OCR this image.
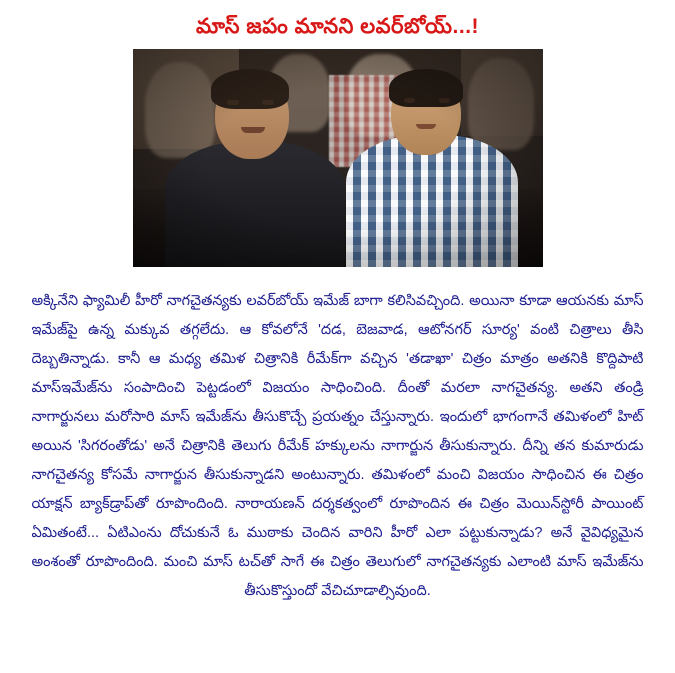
మాస్ జపం మానని లవర్‌బోయ్...!

అక్కినేని ఫ్యామిలీ హీరో నాగచైతన్యకు లవర్‌బోయ్ ఇమేజ్ బాగా కలిసివచ్చింది. అయినా కూడా ఆయనకు మాస్ ఇమేజ్‌పై ఉన్న మక్కువ తగ్గలేదు. ఆ కోవలోనే 'దడ, బెజవాడ, ఆటోనగర్ సూర్య' వంటి చిత్రాలు తీసి దెబ్బతిన్నాడు. కానీ ఆ మధ్య తమిళ చిత్రానికి రీమేక్‌గా వచ్చిన 'తడాఖా' చిత్రం మాత్రం అతనికి కొద్దిపాటి మాస్‌ఇమేజ్‌ను సంపాదించి పెట్టడంలో విజయం సాధించింది. దీంతో మరలా నాగచైతన్య. అతని తండ్రి నాగార్జునలు మరోసారి మాస్ ఇమేజ్‌ను తీసుకొచ్చే ప్రయత్నం చేస్తున్నారు. ఇందులో భాగంగానే తమిళంలో హిట్ అయిన 'సిగరంతోడు' అనే చిత్రానికి తెలుగు రీమేక్ హక్కులను నాగార్జున తీసుకున్నారు. దీన్ని తన కుమారుడు నాగచైతన్య కోసమే నాగార్జున తీసుకున్నాడని అంటున్నారు. తమిళంలో మంచి విజయం సాధించిన ఈ చిత్రం యాక్షన్ బ్యాక్‌డ్రాప్‌తో రూపొందింది. నారాయణన్ దర్శకత్వంలో రూపొందిన ఈ చిత్రం మెయిన్‌స్టోరీ పాయింట్ ఏమితంటే... ఏటిఎంను దోచుకునే ఓ ముఠాకు చెందిన వారిని హీరో ఎలా పట్టుకున్నాడు? అనే వైవిధ్యమైన అంశంతో రూపొందింది. మంచి మాస్ టచ్‌తో సాగే ఈ చిత్రం తెలుగులో నాగచైతన్యకు ఎలాంటి మాస్ ఇమేజ్‌ను తీసుకొస్తుందో వేచిచూడాల్సివుంది.
